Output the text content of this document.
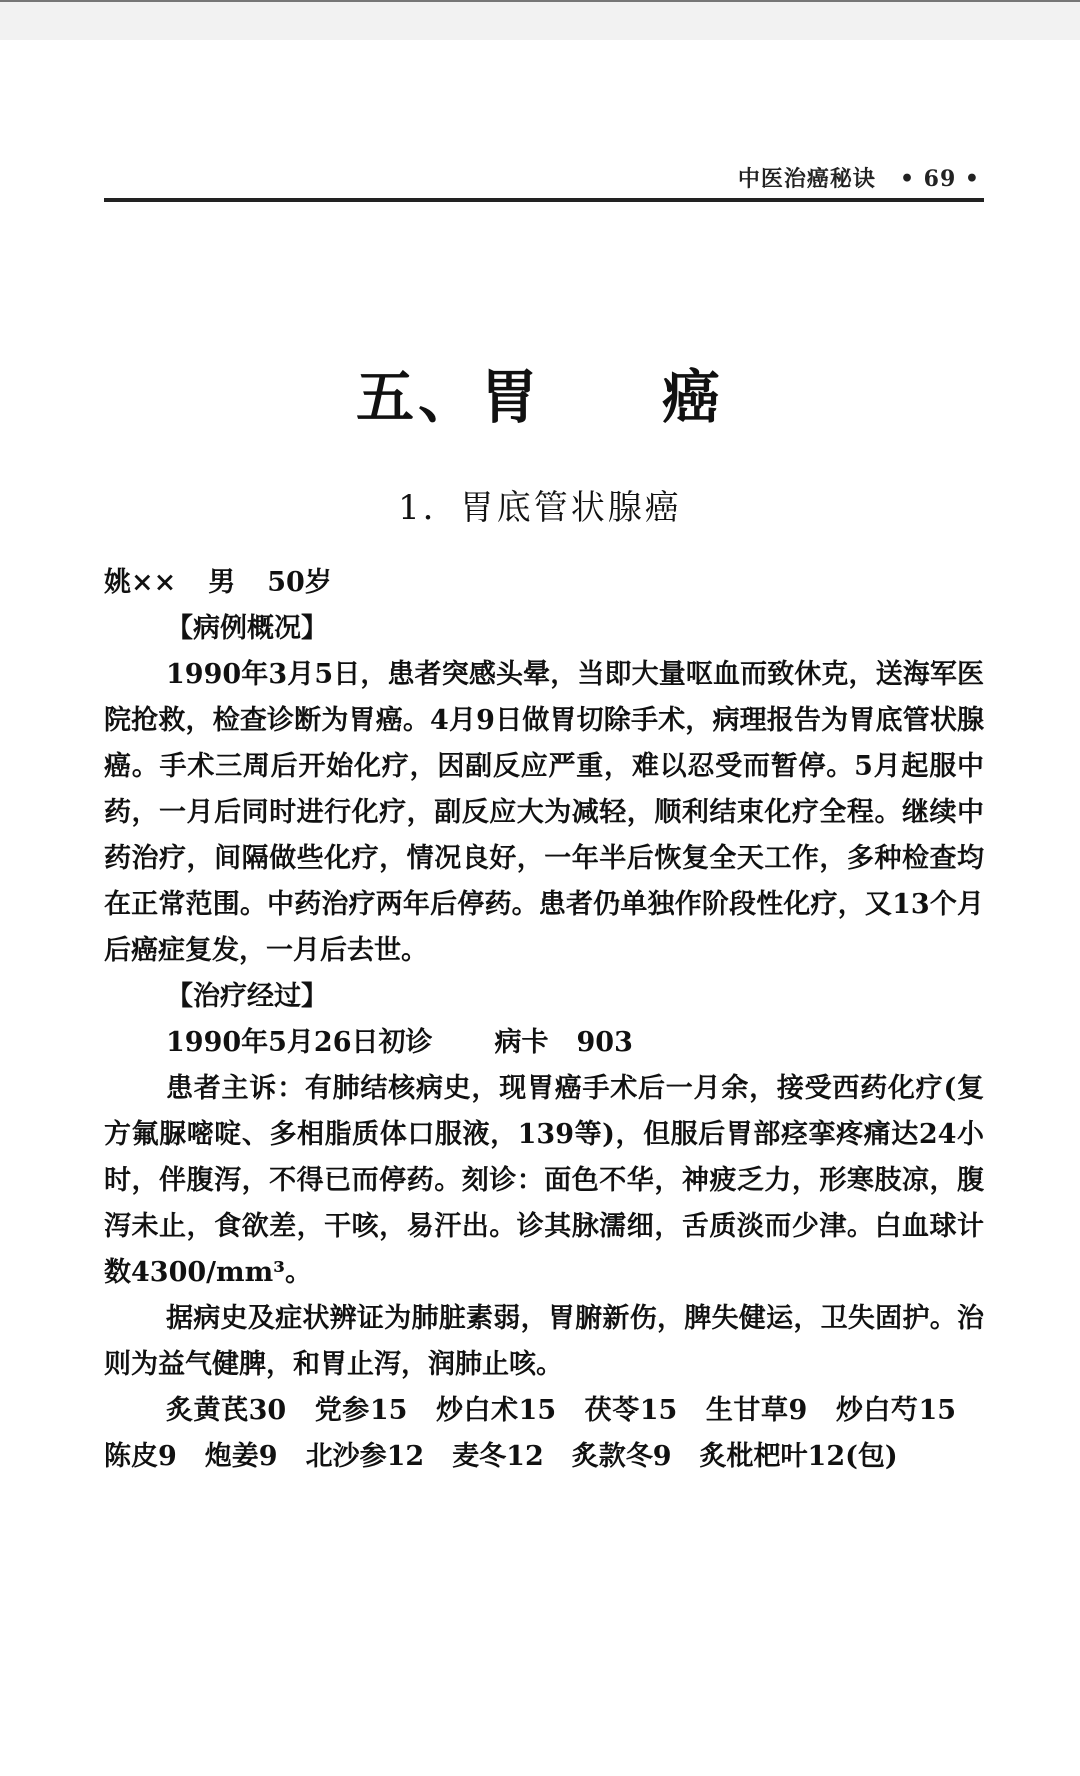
中医治癌秘诀 • 69 •
五、胃 癌
1．胃底管状腺癌

姚×× 男 50岁

【病例概况】

1990年3月5日，患者突感头晕，当即大量呕血而致休克，送海军医院抢救，检查诊断为胃癌。4月9日做胃切除手术，病理报告为胃底管状腺癌。手术三周后开始化疗，因副反应严重，难以忍受而暂停。5月起服中药，一月后同时进行化疗，副反应大为减轻，顺利结束化疗全程。继续中药治疗，间隔做些化疗，情况良好，一年半后恢复全天工作，多种检查均在正常范围。中药治疗两年后停药。患者仍单独作阶段性化疗，又13个月后癌症复发，一月后去世。

【治疗经过】

1990年5月26日初诊 病卡 903

患者主诉：有肺结核病史，现胃癌手术后一月余，接受西药化疗(复方氟脲嘧啶、多相脂质体口服液，139等)，但服后胃部痉挛疼痛达24小时，伴腹泻，不得已而停药。刻诊：面色不华，神疲乏力，形寒肢凉，腹泻未止，食欲差，干咳，易汗出。诊其脉濡细，舌质淡而少津。白血球计数4300/mm³。

据病史及症状辨证为肺脏素弱，胃腑新伤，脾失健运，卫失固护。治则为益气健脾，和胃止泻，润肺止咳。

炙黄芪30 党参15 炒白术15 茯苓15 生甘草9 炒白芍15陈皮9 炮姜9 北沙参12 麦冬12 炙款冬9 炙枇杷叶12(包)
